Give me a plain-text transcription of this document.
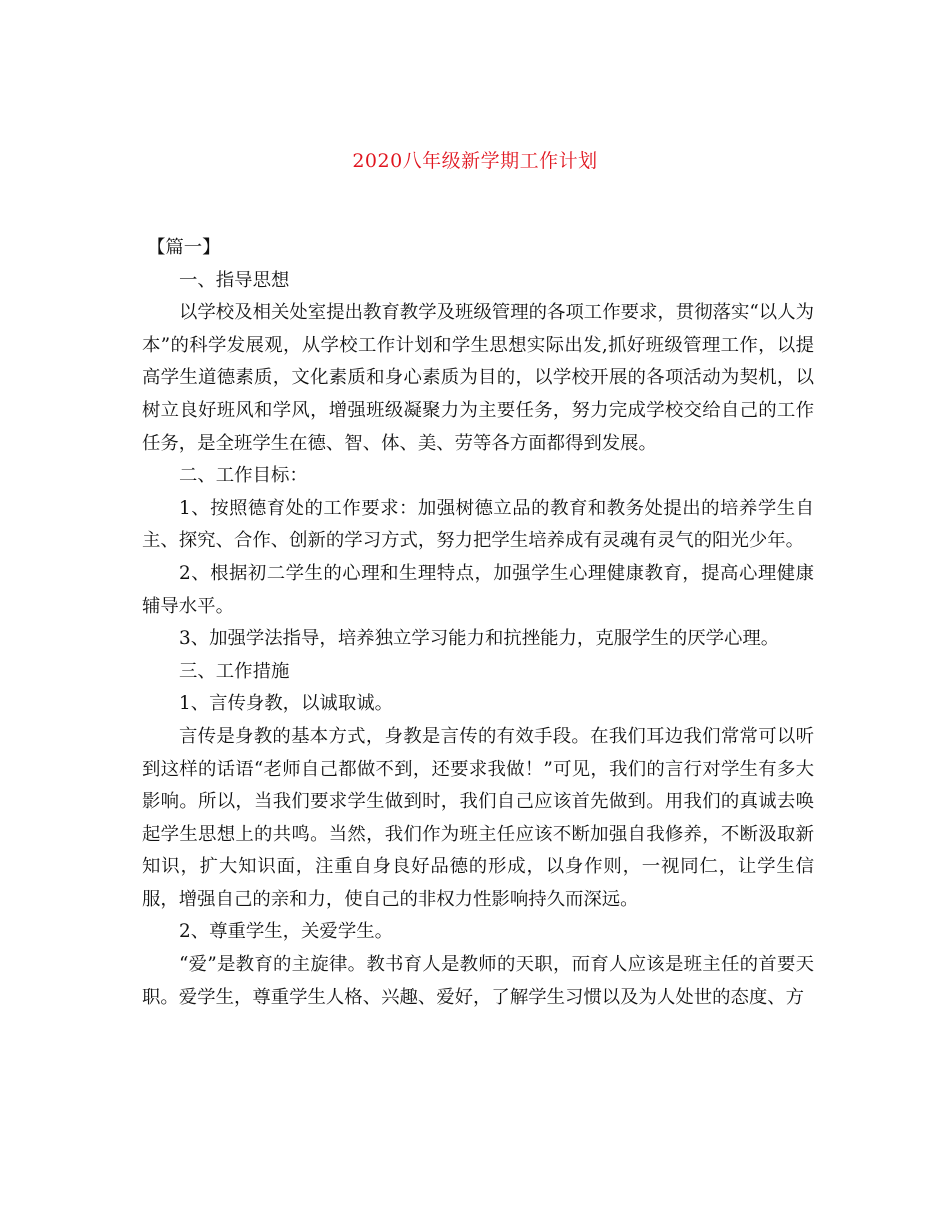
2020八年级新学期工作计划

【篇一】

一、指导思想

以学校及相关处室提出教育教学及班级管理的各项工作要求，贯彻落实“以人为本”的科学发展观，从学校工作计划和学生思想实际出发,抓好班级管理工作，以提高学生道德素质，文化素质和身心素质为目的，以学校开展的各项活动为契机，以树立良好班风和学风，增强班级凝聚力为主要任务，努力完成学校交给自己的工作任务，是全班学生在德、智、体、美、劳等各方面都得到发展。

二、工作目标：

1、按照德育处的工作要求：加强树德立品的教育和教务处提出的培养学生自主、探究、合作、创新的学习方式，努力把学生培养成有灵魂有灵气的阳光少年。

2、根据初二学生的心理和生理特点，加强学生心理健康教育，提高心理健康辅导水平。

3、加强学法指导，培养独立学习能力和抗挫能力，克服学生的厌学心理。

三、工作措施

1、言传身教，以诚取诚。

言传是身教的基本方式，身教是言传的有效手段。在我们耳边我们常常可以听到这样的话语“老师自己都做不到，还要求我做！”可见，我们的言行对学生有多大影响。所以，当我们要求学生做到时，我们自己应该首先做到。用我们的真诚去唤起学生思想上的共鸣。当然，我们作为班主任应该不断加强自我修养，不断汲取新知识，扩大知识面，注重自身良好品德的形成，以身作则，一视同仁，让学生信服，增强自己的亲和力，使自己的非权力性影响持久而深远。

2、尊重学生，关爱学生。

“爱”是教育的主旋律。教书育人是教师的天职，而育人应该是班主任的首要天职。爱学生，尊重学生人格、兴趣、爱好，了解学生习惯以及为人处世的态度、方
